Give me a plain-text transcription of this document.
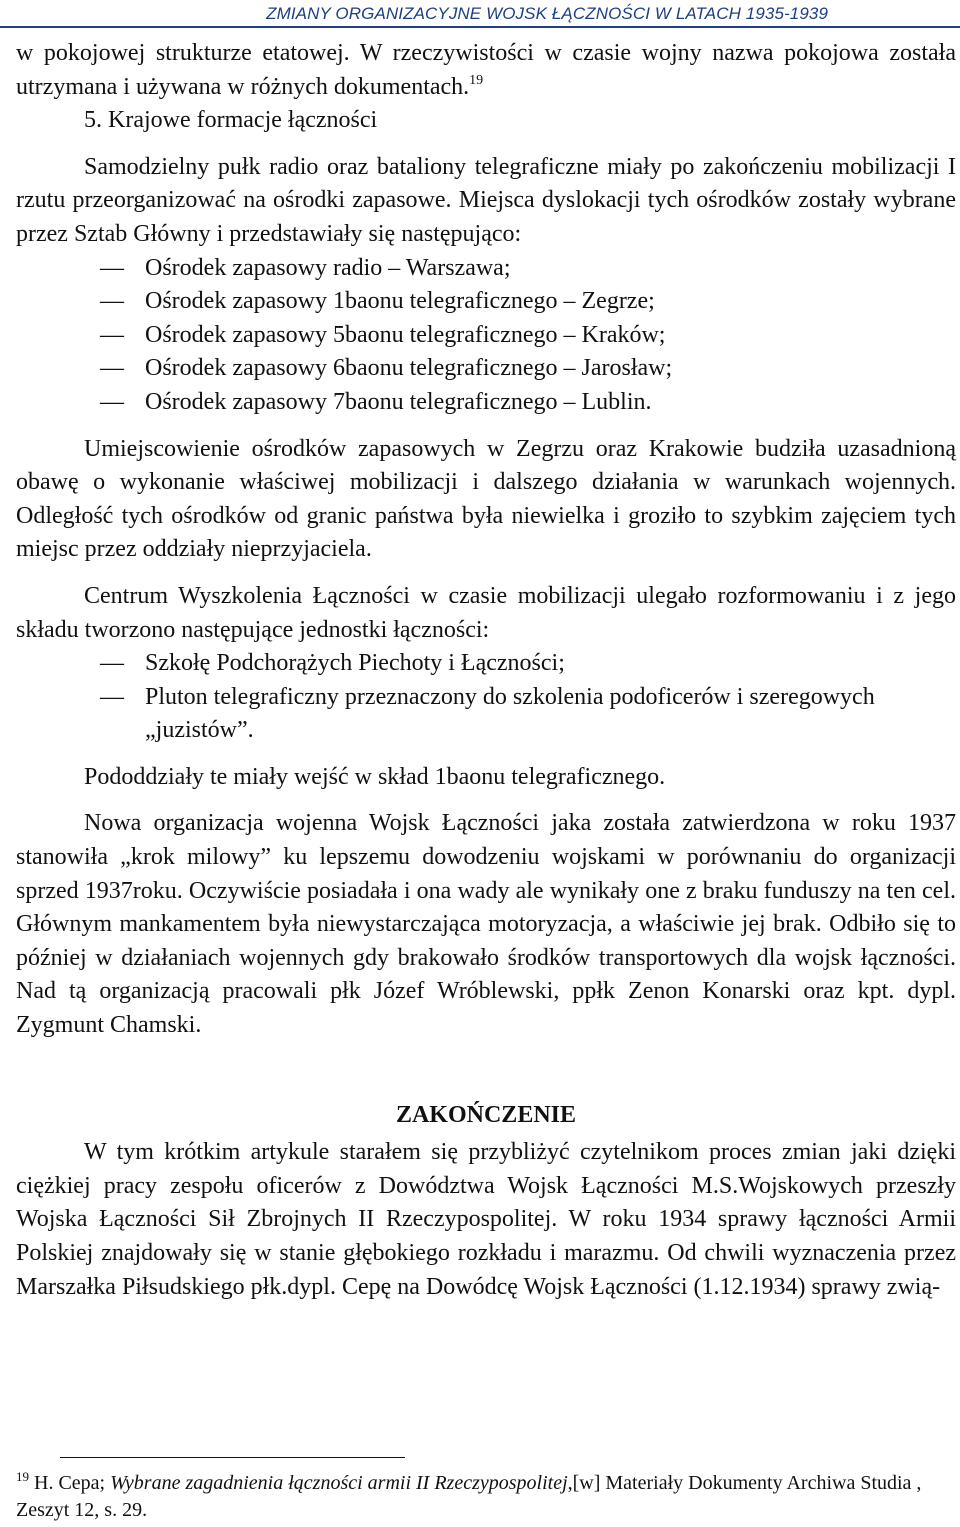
ZMIANY ORGANIZACYJNE WOJSK ŁĄCZNOŚCI W LATACH 1935-1939

w pokojowej strukturze etatowej. W rzeczywistości w czasie wojny nazwa pokojowa została utrzymana i używana w różnych dokumentach.$^{19}$

5. Krajowe formacje łączności

Samodzielny pułk radio oraz bataliony telegraficzne miały po zakończeniu mobilizacji I rzutu przeorganizować na ośrodki zapasowe. Miejsca dyslokacji tych ośrodków zostały wybrane przez Sztab Główny i przedstawiały się następująco:

— Ośrodek zapasowy radio – Warszawa;
— Ośrodek zapasowy 1baonu telegraficznego – Zegrze;
— Ośrodek zapasowy 5baonu telegraficznego – Kraków;
— Ośrodek zapasowy 6baonu telegraficznego – Jarosław;
— Ośrodek zapasowy 7baonu telegraficznego – Lublin.

Umiejscowienie ośrodków zapasowych w Zegrzu oraz Krakowie budziła uzasadnioną obawę o wykonanie właściwej mobilizacji i dalszego działania w warunkach wojennych. Odległość tych ośrodków od granic państwa była niewielka i groziło to szybkim zajęciem tych miejsc przez oddziały nieprzyjaciela.

Centrum Wyszkolenia Łączności w czasie mobilizacji ulegało rozformowaniu i z jego składu tworzono następujące jednostki łączności:

— Szkołę Podchorążych Piechoty i Łączności;
— Pluton telegraficzny przeznaczony do szkolenia podoficerów i szeregowych „juzistów”.

Pododdziały te miały wejść w skład 1baonu telegraficznego.

Nowa organizacja wojenna Wojsk Łączności jaka została zatwierdzona w roku 1937 stanowiła „krok milowy” ku lepszemu dowodzeniu wojskami w porównaniu do organizacji sprzed 1937roku. Oczywiście posiadała i ona wady ale wynikały one z braku funduszy na ten cel. Głównym mankamentem była niewystarczająca motoryzacja, a właściwie jej brak. Odbiło się to później w działaniach wojennych gdy brakowało środków transportowych dla wojsk łączności. Nad tą organizacją pracowali płk Józef Wróblewski, ppłk Zenon Konarski oraz kpt. dypl. Zygmunt Chamski.

ZAKOŃCZENIE

W tym krótkim artykule starałem się przybliżyć czytelnikom proces zmian jaki dzięki ciężkiej pracy zespołu oficerów z Dowództwa Wojsk Łączności M.S.Wojskowych przeszły Wojska Łączności Sił Zbrojnych II Rzeczypospolitej. W roku 1934 sprawy łączności Armii Polskiej znajdowały się w stanie głębokiego rozkładu i marazmu. Od chwili wyznaczenia przez Marszałka Piłsudskiego płk.dypl. Cepę na Dowódcę Wojsk Łączności (1.12.1934) sprawy zwią-

$^{19}$ H. Cepa; Wybrane zagadnienia łączności armii II Rzeczypospolitej,[w] Materiały Dokumenty Archiwa Studia , Zeszyt 12, s. 29.
